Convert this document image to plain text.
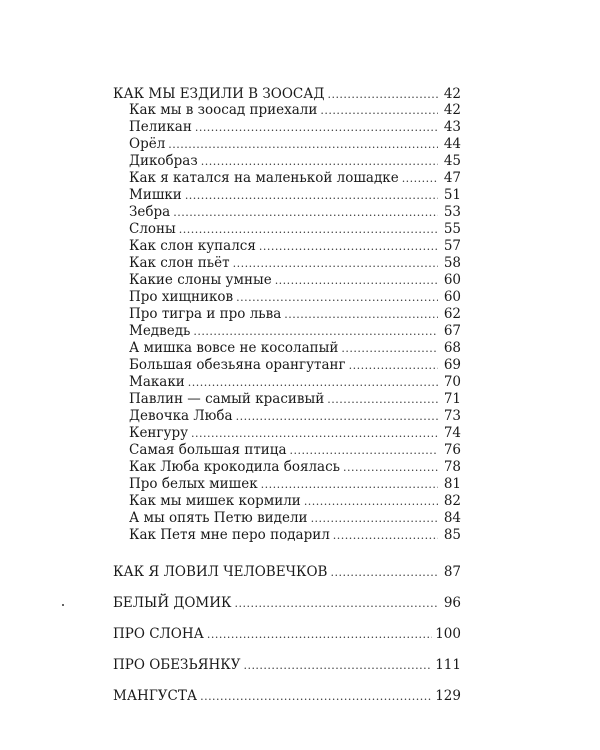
КАК МЫ ЕЗДИЛИ В ЗООСАД . . .	42
Как мы в зоосад приехали . . .	42
Пеликан . . .	43
Орёл . . .	44
Дикобраз . . .	45
Как я катался на маленькой лошадке . . .	47
Мишки . . .	51
Зебра . . .	53
Слоны . . .	55
Как слон купался . . .	57
Как слон пьёт . . .	58
Какие слоны умные . . .	60
Про хищников . . .	60
Про тигра и про льва . . .	62
Медведь . . .	67
А мишка вовсе не косолапый . . .	68
Большая обезьяна орангутанг . . .	69
Макаки . . .	70
Павлин — самый красивый . . .	71
Девочка Люба . . .	73
Кенгуру . . .	74
Самая большая птица . . .	76
Как Люба крокодила боялась . . .	78
Про белых мишек . . .	81
Как мы мишек кормили . . .	82
А мы опять Петю видели . . .	84
Как Петя мне перо подарил . . .	85
КАК Я ЛОВИЛ ЧЕЛОВЕЧКОВ . . .	87
БЕЛЫЙ ДОМИК . . .	96
ПРО СЛОНА . . .	100
ПРО ОБЕЗЬЯНКУ . . .	111
МАНГУСТА . . .	129
